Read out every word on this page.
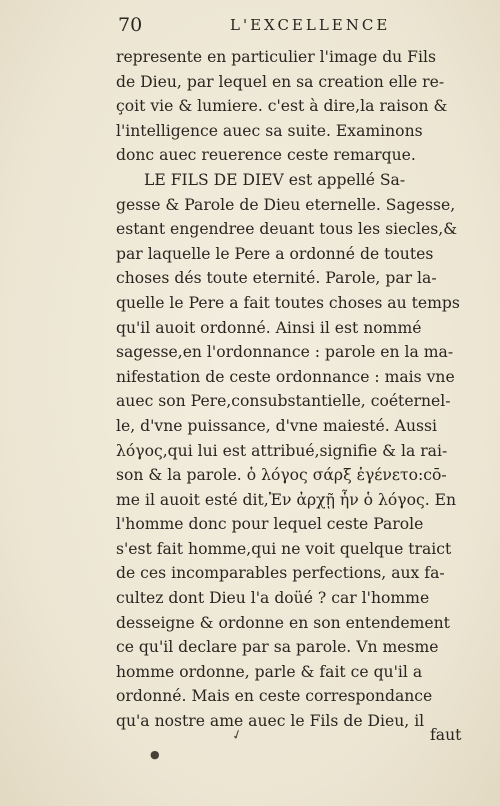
70	L'EXCELLENCE
represente en particulier l'image du Fils
de Dieu, par lequel en sa creation elle re-
çoit vie & lumiere. c'est à dire,la raison &
l'intelligence auec sa suite. Examinons
donc auec reuerence ceste remarque.
LE FILS DE DIEV est appellé Sa-
gesse & Parole de Dieu eternelle. Sagesse,
estant engendree deuant tous les siecles,&
par laquelle le Pere a ordonné de toutes
choses dés toute eternité. Parole, par la-
quelle le Pere a fait toutes choses au temps
qu'il auoit ordonné. Ainsi il est nommé
sagesse,en l'ordonnance : parole en la ma-
nifestation de ceste ordonnance : mais vne
auec son Pere,consubstantielle, coéternel-
le, d'vne puissance, d'vne maiesté. Aussi
λόγος,qui lui est attribué,signifie & la rai-
son & la parole. ὁ λόγος σάρξ ἐγένετο:cō-
me il auoit esté dit,Ἐν ἀρχῇ ἦν ὁ λόγος. En
l'homme donc pour lequel ceste Parole
s'est fait homme,qui ne voit quelque traict
de ces incomparables perfections, aux fa-
cultez dont Dieu l'a doüé ? car l'homme
desseigne & ordonne en son entendement
ce qu'il declare par sa parole. Vn mesme
homme ordonne, parle & fait ce qu'il a
ordonné. Mais en ceste correspondance
qu'a nostre ame auec le Fils de Dieu, il
faut
✓
●
